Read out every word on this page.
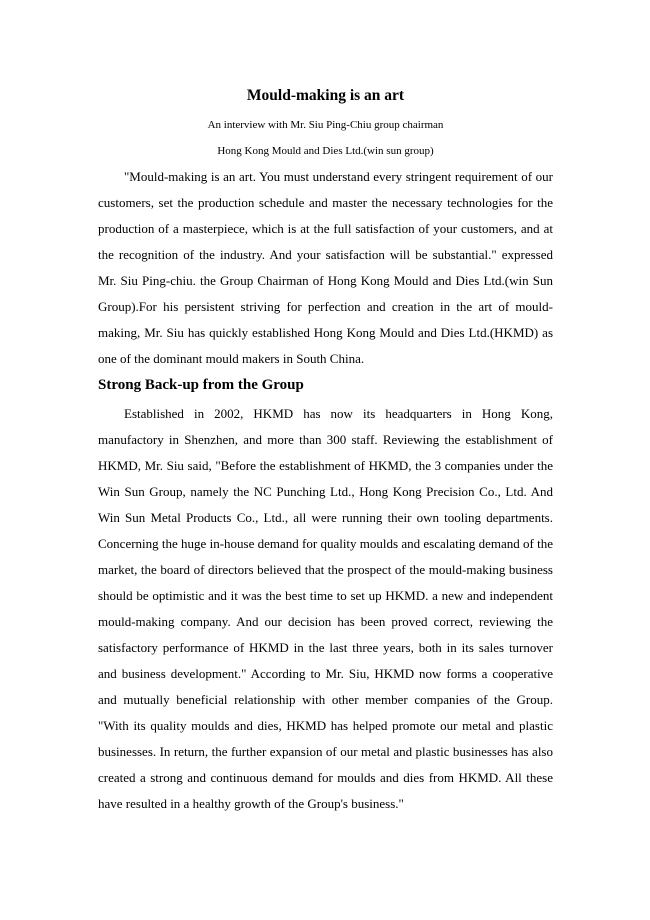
Mould-making is an art

An interview with Mr. Siu Ping-Chiu group chairman

Hong Kong Mould and Dies Ltd.(win sun group)

"Mould-making is an art. You must understand every stringent requirement of our customers, set the production schedule and master the necessary technologies for the production of a masterpiece, which is at the full satisfaction of your customers, and at the recognition of the industry. And your satisfaction will be substantial." expressed Mr. Siu Ping-chiu. the Group Chairman of Hong Kong Mould and Dies Ltd.(win Sun Group).For his persistent striving for perfection and creation in the art of mould-making, Mr. Siu has quickly established Hong Kong Mould and Dies Ltd.(HKMD) as one of the dominant mould makers in South China.

Strong Back-up from the Group

Established in 2002, HKMD has now its headquarters in Hong Kong, manufactory in Shenzhen, and more than 300 staff. Reviewing the establishment of HKMD, Mr. Siu said, "Before the establishment of HKMD, the 3 companies under the Win Sun Group, namely the NC Punching Ltd., Hong Kong Precision Co., Ltd. And Win Sun Metal Products Co., Ltd., all were running their own tooling departments. Concerning the huge in-house demand for quality moulds and escalating demand of the market, the board of directors believed that the prospect of the mould-making business should be optimistic and it was the best time to set up HKMD. a new and independent mould-making company. And our decision has been proved correct, reviewing the satisfactory performance of HKMD in the last three years, both in its sales turnover and business development." According to Mr. Siu, HKMD now forms a cooperative and mutually beneficial relationship with other member companies of the Group. "With its quality moulds and dies, HKMD has helped promote our metal and plastic businesses. In return, the further expansion of our metal and plastic businesses has also created a strong and continuous demand for moulds and dies from HKMD. All these have resulted in a healthy growth of the Group's business."
